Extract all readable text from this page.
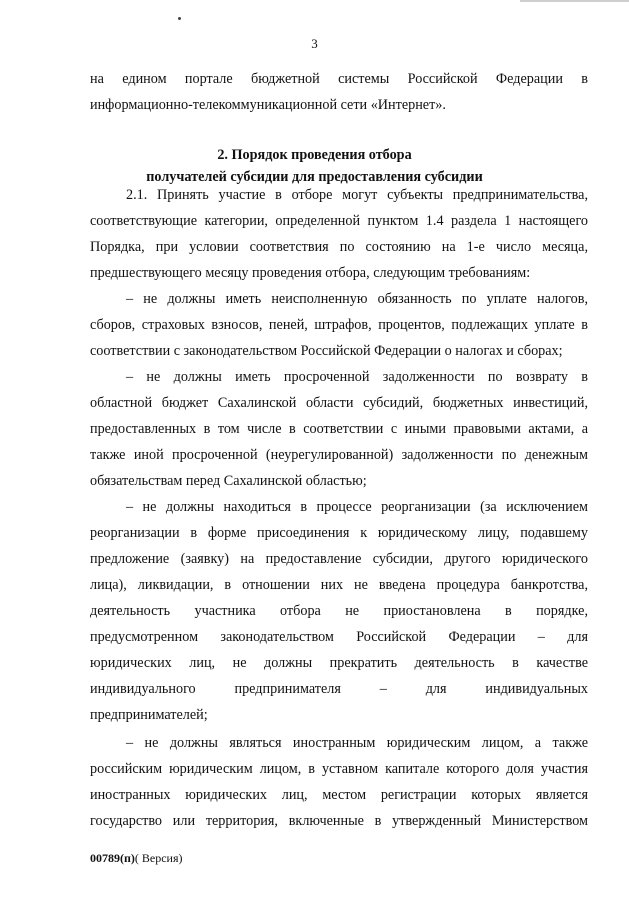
3
на едином портале бюджетной системы Российской Федерации в
информационно-телекоммуникационной сети «Интернет».
2. Порядок проведения отбора
получателей субсидии для предоставления субсидии
2.1. Принять участие в отборе могут субъекты предпринимательства,
соответствующие категории, определенной пунктом 1.4 раздела 1 настоящего
Порядка, при условии соответствия по состоянию на 1-е число месяца,
предшествующего месяцу проведения отбора, следующим требованиям:
– не должны иметь неисполненную обязанность по уплате налогов,
сборов, страховых взносов, пеней, штрафов, процентов, подлежащих уплате в
соответствии с законодательством Российской Федерации о налогах и сборах;
– не должны иметь просроченной задолженности по возврату в
областной бюджет Сахалинской области субсидий, бюджетных инвестиций,
предоставленных в том числе в соответствии с иными правовыми актами, а
также иной просроченной (неурегулированной) задолженности по денежным
обязательствам перед Сахалинской областью;
– не должны находиться в процессе реорганизации (за исключением
реорганизации в форме присоединения к юридическому лицу, подавшему
предложение (заявку) на предоставление субсидии, другого юридического
лица), ликвидации, в отношении них не введена процедура банкротства,
деятельность участника отбора не приостановлена в порядке,
предусмотренном законодательством Российской Федерации – для
юридических лиц, не должны прекратить деятельность в качестве
индивидуального предпринимателя – для индивидуальных
предпринимателей;
– не должны являться иностранным юридическим лицом, а также
российским юридическим лицом, в уставном капитале которого доля участия
иностранных юридических лиц, местом регистрации которых является
государство или территория, включенные в утвержденный Министерством
00789(п)( Версия)
